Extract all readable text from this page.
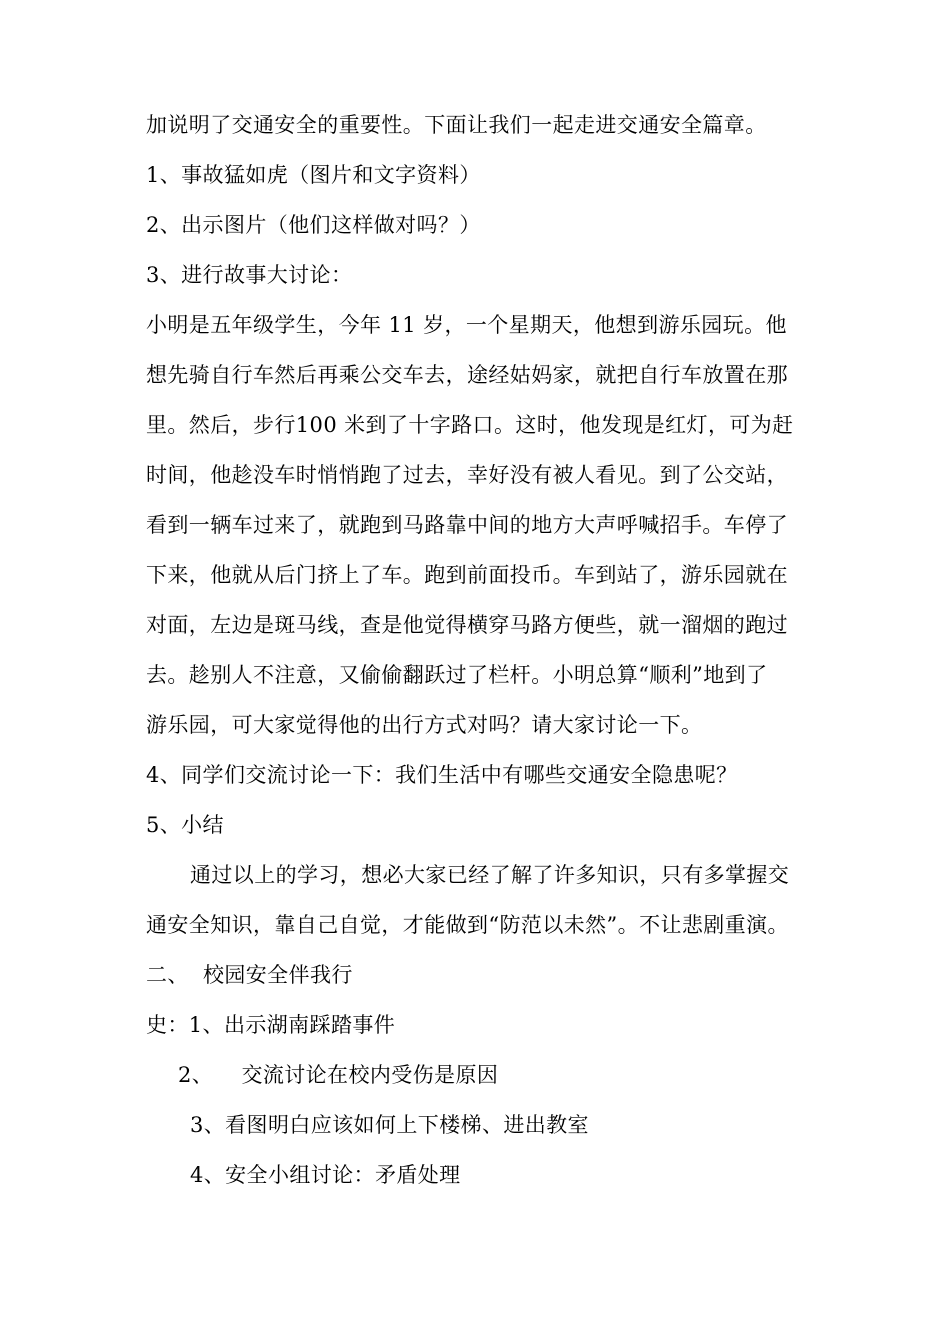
加说明了交通安全的重要性。下面让我们一起走进交通安全篇章。
1、事故猛如虎（图片和文字资料）
2、出示图片（他们这样做对吗？）
3、进行故事大讨论：
小明是五年级学生，今年 11 岁，一个星期天，他想到游乐园玩。他
想先骑自行车然后再乘公交车去，途经姑妈家，就把自行车放置在那
里。然后，步行100 米到了十字路口。这时，他发现是红灯，可为赶
时间，他趁没车时悄悄跑了过去，幸好没有被人看见。到了公交站，
看到一辆车过来了，就跑到马路靠中间的地方大声呼喊招手。车停了
下来，他就从后门挤上了车。跑到前面投币。车到站了，游乐园就在
对面，左边是斑马线，查是他觉得横穿马路方便些，就一溜烟的跑过
去。趁别人不注意，又偷偷翻跃过了栏杆。小明总算“顺利”地到了
游乐园，可大家觉得他的出行方式对吗？请大家讨论一下。
4、同学们交流讨论一下：我们生活中有哪些交通安全隐患呢？
5、小结
通过以上的学习，想必大家已经了解了许多知识，只有多掌握交
通安全知识，靠自己自觉，才能做到“防范以未然”。不让悲剧重演。
二、  校园安全伴我行
史：1、出示湖南踩踏事件
2、    交流讨论在校内受伤是原因
3、看图明白应该如何上下楼梯、进出教室
4、安全小组讨论：矛盾处理
